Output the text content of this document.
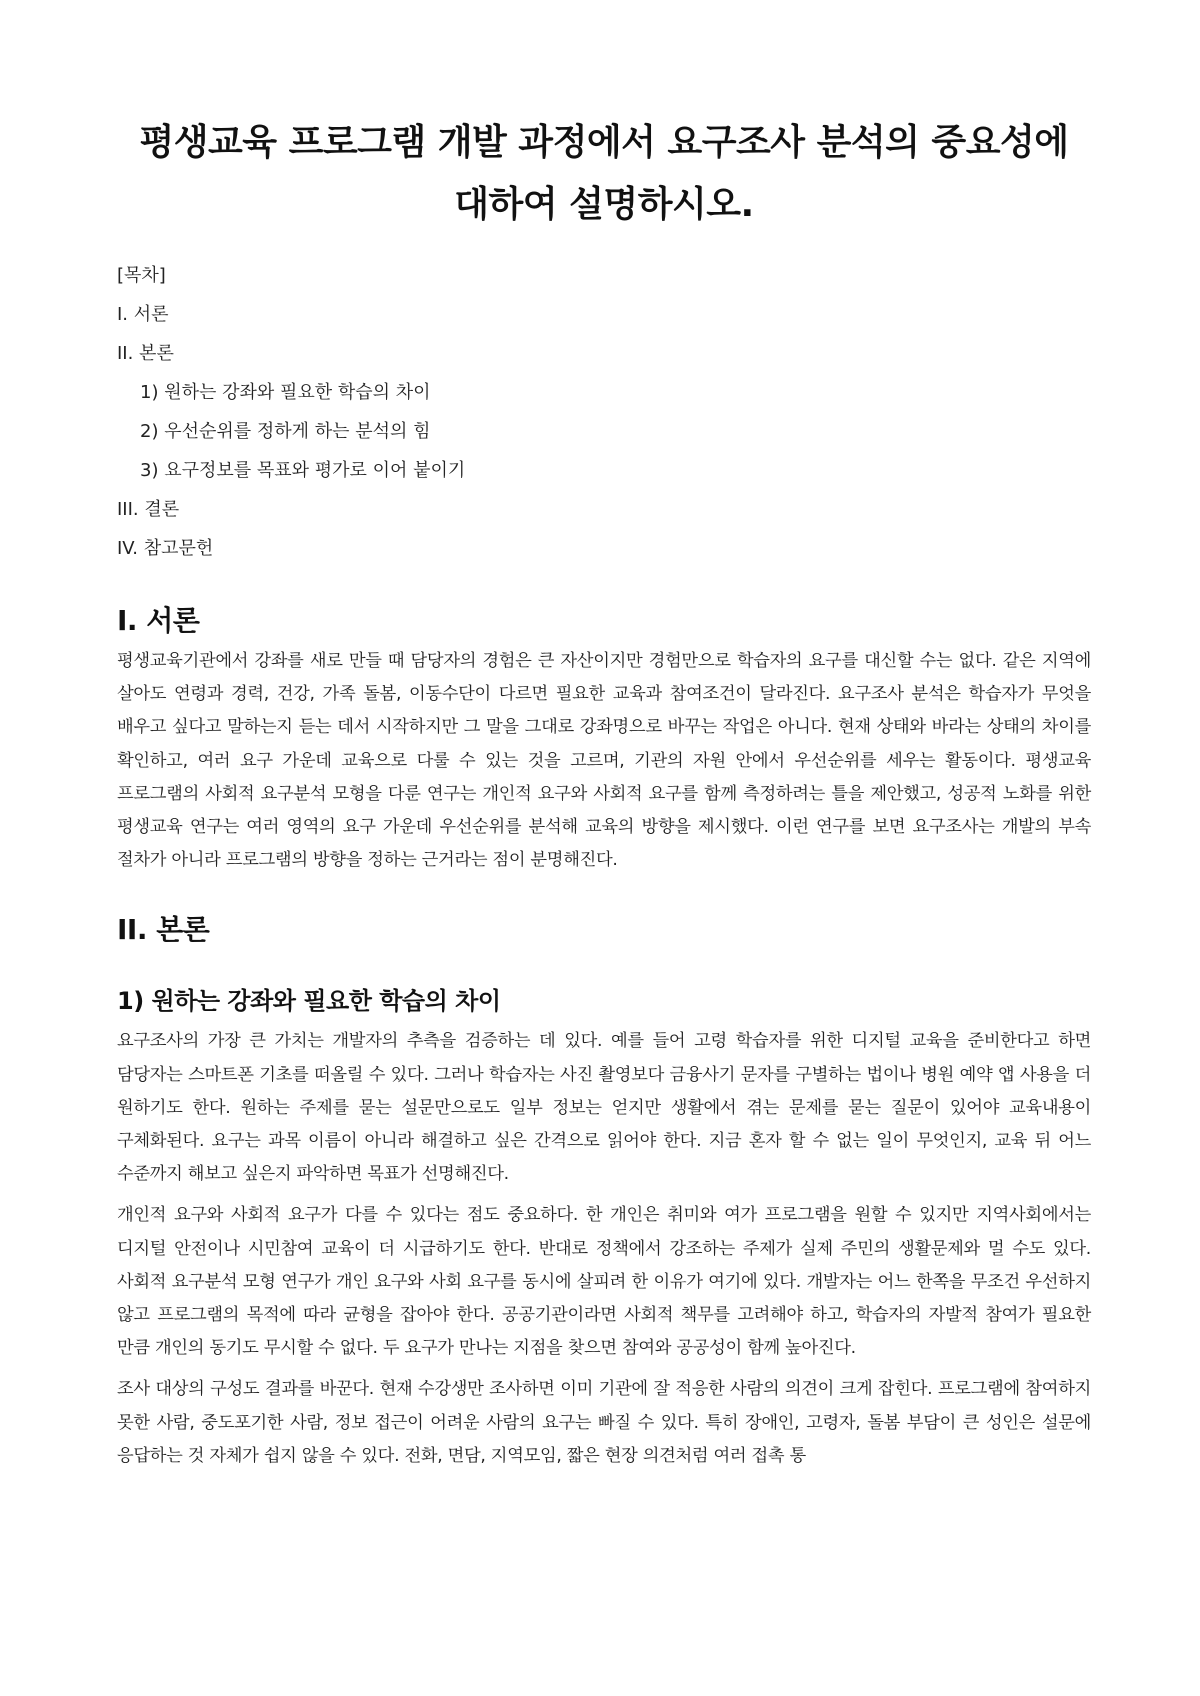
평생교육 프로그램 개발 과정에서 요구조사 분석의 중요성에 대하여 설명하시오.
[목차]
I. 서론
II. 본론
1) 원하는 강좌와 필요한 학습의 차이
2) 우선순위를 정하게 하는 분석의 힘
3) 요구정보를 목표와 평가로 이어 붙이기
III. 결론
IV. 참고문헌
I. 서론

평생교육기관에서 강좌를 새로 만들 때 담당자의 경험은 큰 자산이지만 경험만으로 학습자의 요구를 대신할 수는 없다. 같은 지역에 살아도 연령과 경력, 건강, 가족 돌봄, 이동수단이 다르면 필요한 교육과 참여조건이 달라진다. 요구조사 분석은 학습자가 무엇을 배우고 싶다고 말하는지 듣는 데서 시작하지만 그 말을 그대로 강좌명으로 바꾸는 작업은 아니다. 현재 상태와 바라는 상태의 차이를 확인하고, 여러 요구 가운데 교육으로 다룰 수 있는 것을 고르며, 기관의 자원 안에서 우선순위를 세우는 활동이다. 평생교육 프로그램의 사회적 요구분석 모형을 다룬 연구는 개인적 요구와 사회적 요구를 함께 측정하려는 틀을 제안했고, 성공적 노화를 위한 평생교육 연구는 여러 영역의 요구 가운데 우선순위를 분석해 교육의 방향을 제시했다. 이런 연구를 보면 요구조사는 개발의 부속 절차가 아니라 프로그램의 방향을 정하는 근거라는 점이 분명해진다.

II. 본론
1) 원하는 강좌와 필요한 학습의 차이

요구조사의 가장 큰 가치는 개발자의 추측을 검증하는 데 있다. 예를 들어 고령 학습자를 위한 디지털 교육을 준비한다고 하면 담당자는 스마트폰 기초를 떠올릴 수 있다. 그러나 학습자는 사진 촬영보다 금융사기 문자를 구별하는 법이나 병원 예약 앱 사용을 더 원하기도 한다. 원하는 주제를 묻는 설문만으로도 일부 정보는 얻지만 생활에서 겪는 문제를 묻는 질문이 있어야 교육내용이 구체화된다. 요구는 과목 이름이 아니라 해결하고 싶은 간격으로 읽어야 한다. 지금 혼자 할 수 없는 일이 무엇인지, 교육 뒤 어느 수준까지 해보고 싶은지 파악하면 목표가 선명해진다.

개인적 요구와 사회적 요구가 다를 수 있다는 점도 중요하다. 한 개인은 취미와 여가 프로그램을 원할 수 있지만 지역사회에서는 디지털 안전이나 시민참여 교육이 더 시급하기도 한다. 반대로 정책에서 강조하는 주제가 실제 주민의 생활문제와 멀 수도 있다. 사회적 요구분석 모형 연구가 개인 요구와 사회 요구를 동시에 살피려 한 이유가 여기에 있다. 개발자는 어느 한쪽을 무조건 우선하지 않고 프로그램의 목적에 따라 균형을 잡아야 한다. 공공기관이라면 사회적 책무를 고려해야 하고, 학습자의 자발적 참여가 필요한 만큼 개인의 동기도 무시할 수 없다. 두 요구가 만나는 지점을 찾으면 참여와 공공성이 함께 높아진다.

조사 대상의 구성도 결과를 바꾼다. 현재 수강생만 조사하면 이미 기관에 잘 적응한 사람의 의견이 크게 잡힌다. 프로그램에 참여하지 못한 사람, 중도포기한 사람, 정보 접근이 어려운 사람의 요구는 빠질 수 있다. 특히 장애인, 고령자, 돌봄 부담이 큰 성인은 설문에 응답하는 것 자체가 쉽지 않을 수 있다. 전화, 면담, 지역모임, 짧은 현장 의견처럼 여러 접촉 통
